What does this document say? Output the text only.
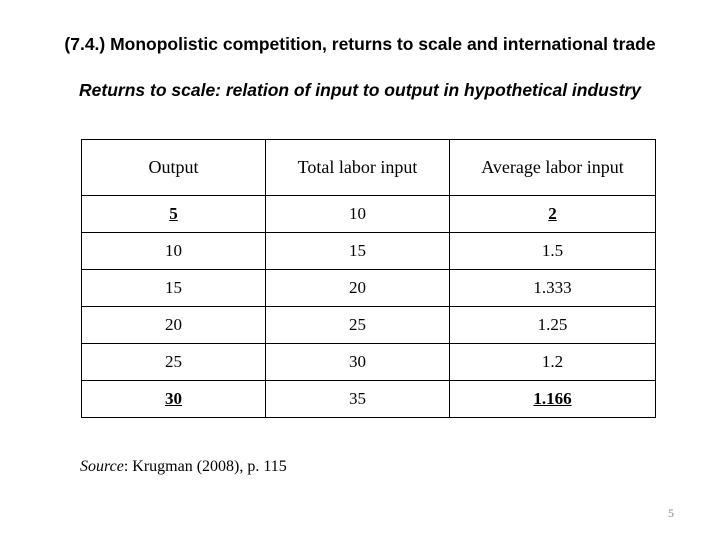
(7.4.) Monopolistic competition, returns to scale and international trade
Returns to scale: relation of input to output in hypothetical industry
Output	Total labor input	Average labor input
5	10	2
10	15	1.5
15	20	1.333
20	25	1.25
25	30	1.2
30	35	1.166
Source: Krugman (2008), p. 115
5
